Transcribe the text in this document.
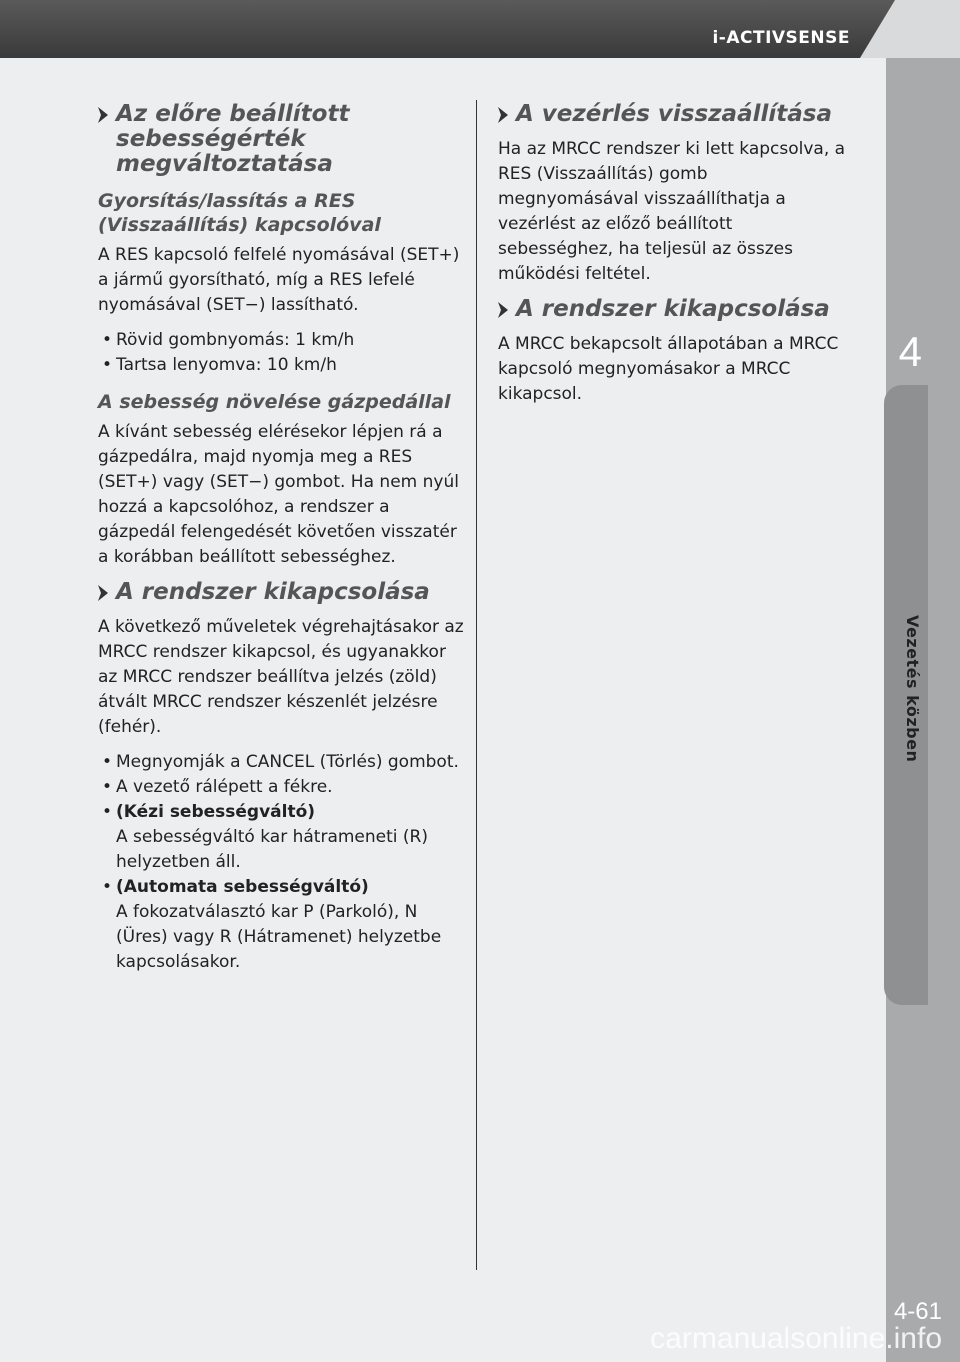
i-ACTIVSENSE
4
Vezetés közben
Az előre beállított sebességérték megváltoztatása
Gyorsítás/lassítás a RES (Visszaállítás) kapcsolóval
A RES kapcsoló felfelé nyomásával (SET+) a jármű gyorsítható, míg a RES lefelé nyomásával (SET−) lassítható.
• Rövid gombnyomás: 1 km/h
• Tartsa lenyomva: 10 km/h
A sebesség növelése gázpedállal
A kívánt sebesség elérésekor lépjen rá a gázpedálra, majd nyomja meg a RES (SET+) vagy (SET−) gombot. Ha nem nyúl hozzá a kapcsolóhoz, a rendszer a gázpedál felengedését követően visszatér a korábban beállított sebességhez.
A rendszer kikapcsolása
A következő műveletek végrehajtásakor az MRCC rendszer kikapcsol, és ugyanakkor az MRCC rendszer beállítva jelzés (zöld) átvált MRCC rendszer készenlét jelzésre (fehér).
• Megnyomják a CANCEL (Törlés) gombot.
• A vezető rálépett a fékre.
• (Kézi sebességváltó)
A sebességváltó kar hátrameneti (R) helyzetben áll.
• (Automata sebességváltó)
A fokozatválasztó kar P (Parkoló), N (Üres) vagy R (Hátramenet) helyzetbe kapcsolásakor.
A vezérlés visszaállítása
Ha az MRCC rendszer ki lett kapcsolva, a RES (Visszaállítás) gomb megnyomásával visszaállíthatja a vezérlést az előző beállított sebességhez, ha teljesül az összes működési feltétel.
A rendszer kikapcsolása
A MRCC bekapcsolt állapotában a MRCC kapcsoló megnyomásakor a MRCC kikapcsol.
4-61
carmanualsonline.info
